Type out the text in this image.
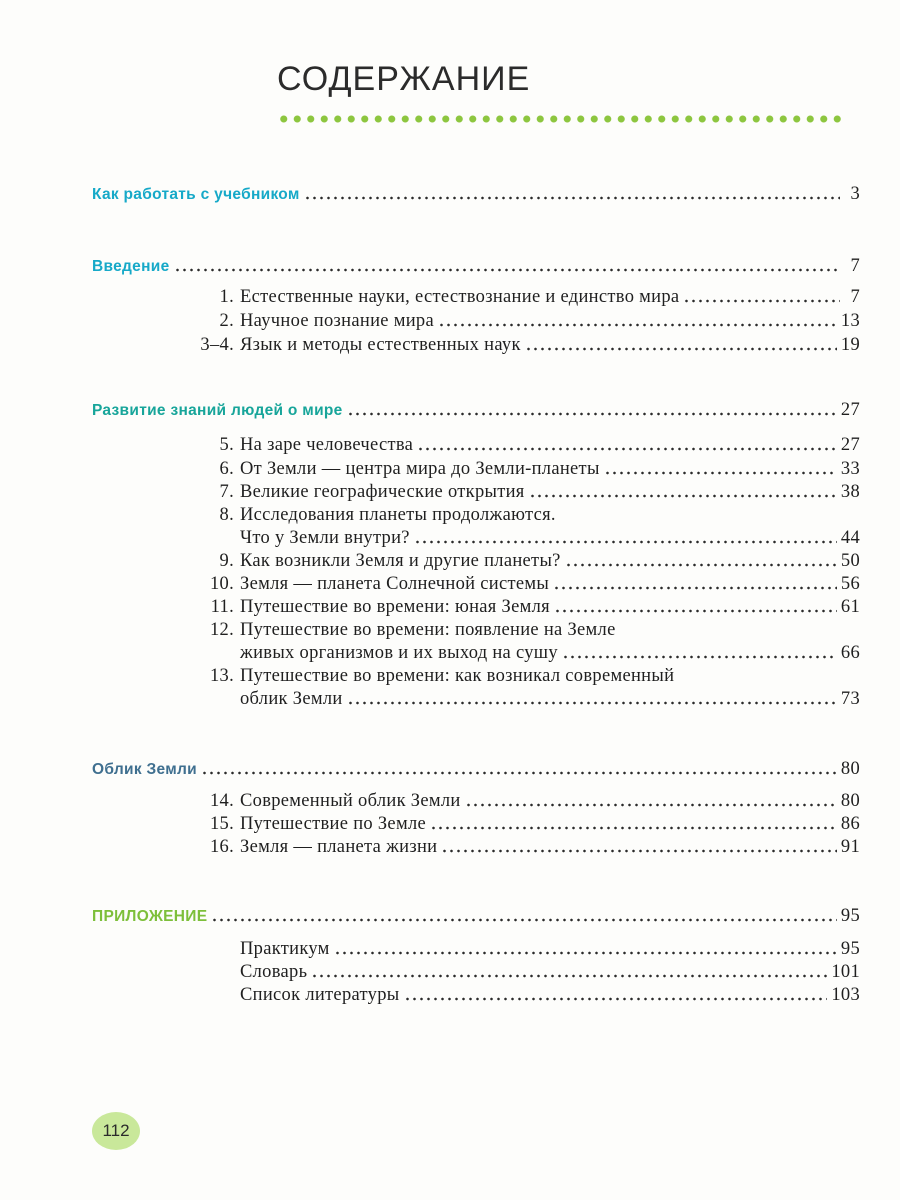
СОДЕРЖАНИЕ
Как работать с учебником	3
Введение	7
1. Естественные науки, естествознание и единство мира	7
2. Научное познание мира	13
3–4. Язык и методы естественных наук	19
Развитие знаний людей о мире	27
5. На заре человечества	27
6. От Земли — центра мира до Земли-планеты	33
7. Великие географические открытия	38
8. Исследования планеты продолжаются.
Что у Земли внутри?	44
9. Как возникли Земля и другие планеты?	50
10. Земля — планета Солнечной системы	56
11. Путешествие во времени: юная Земля	61
12. Путешествие во времени: появление на Земле
живых организмов и их выход на сушу	66
13. Путешествие во времени: как возникал современный
облик Земли	73
Облик Земли	80
14. Современный облик Земли	80
15. Путешествие по Земле	86
16. Земля — планета жизни	91
ПРИЛОЖЕНИЕ	95
Практикум	95
Словарь	101
Список литературы	103
112
